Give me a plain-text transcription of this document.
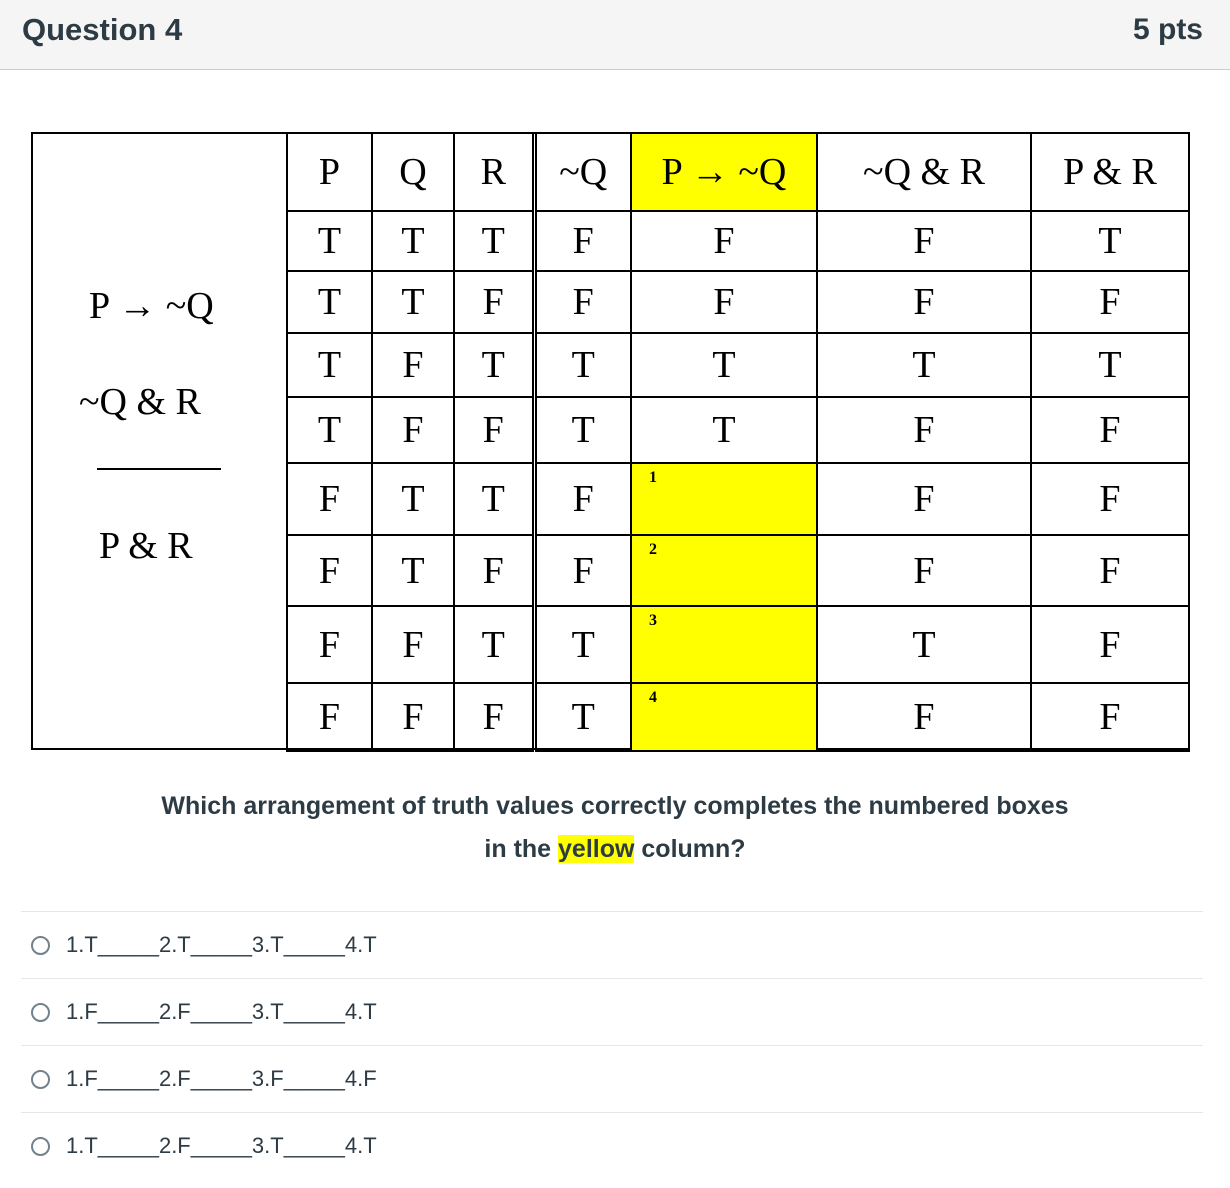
Question 4	5 pts
P → ~Q
~Q & R
P & R
P	Q	R	~Q	P → ~Q	~Q & R	P & R
T	T	T	F	F	F	T
T	T	F	F	F	F	F
T	F	T	T	T	T	T
T	F	F	T	T	F	F
F	T	T	F	1	F	F
F	T	F	F	2	F	F
F	F	T	T	3	T	F
F	F	F	T	4	F	F
Which arrangement of truth values correctly completes the numbered boxes
in the yellow column?
1.T_____2.T_____3.T_____4.T
1.F_____2.F_____3.T_____4.T
1.F_____2.F_____3.F_____4.F
1.T_____2.F_____3.T_____4.T
